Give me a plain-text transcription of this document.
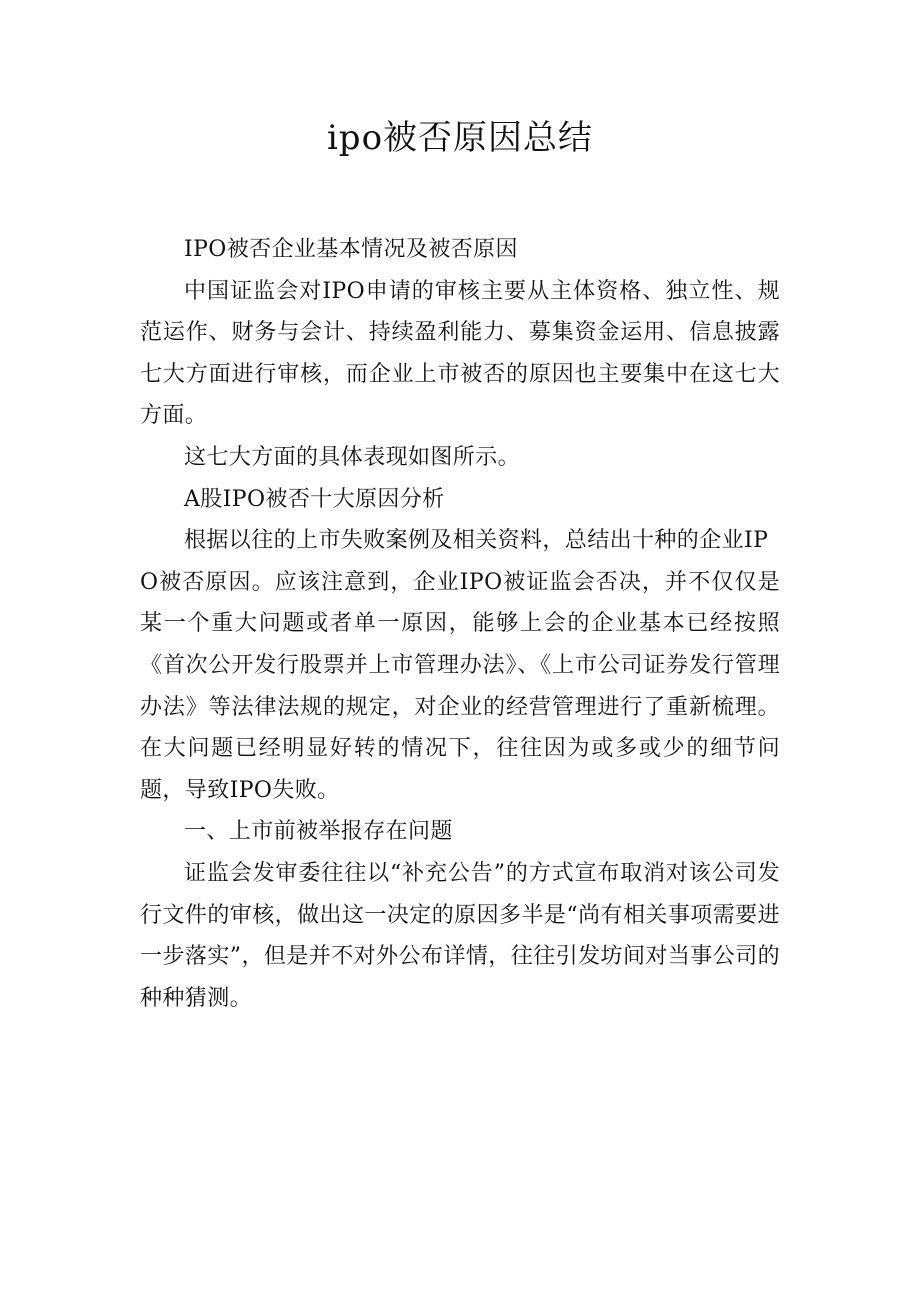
ipo被否原因总结

IPO被否企业基本情况及被否原因

中国证监会对IPO申请的审核主要从主体资格、独立性、规范运作、财务与会计、持续盈利能力、募集资金运用、信息披露七大方面进行审核，而企业上市被否的原因也主要集中在这七大方面。

这七大方面的具体表现如图所示。

A股IPO被否十大原因分析

根据以往的上市失败案例及相关资料，总结出十种的企业IP

O被否原因。应该注意到，企业IPO被证监会否决，并不仅仅是某一个重大问题或者单一原因，能够上会的企业基本已经按照《首次公开发行股票并上市管理办法》、《上市公司证券发行管理办法》等法律法规的规定，对企业的经营管理进行了重新梳理。在大问题已经明显好转的情况下，往往因为或多或少的细节问题，导致IPO失败。

一、上市前被举报存在问题

证监会发审委往往以“补充公告”的方式宣布取消对该公司发行文件的审核，做出这一决定的原因多半是“尚有相关事项需要进一步落实”，但是并不对外公布详情，往往引发坊间对当事公司的种种猜测。
